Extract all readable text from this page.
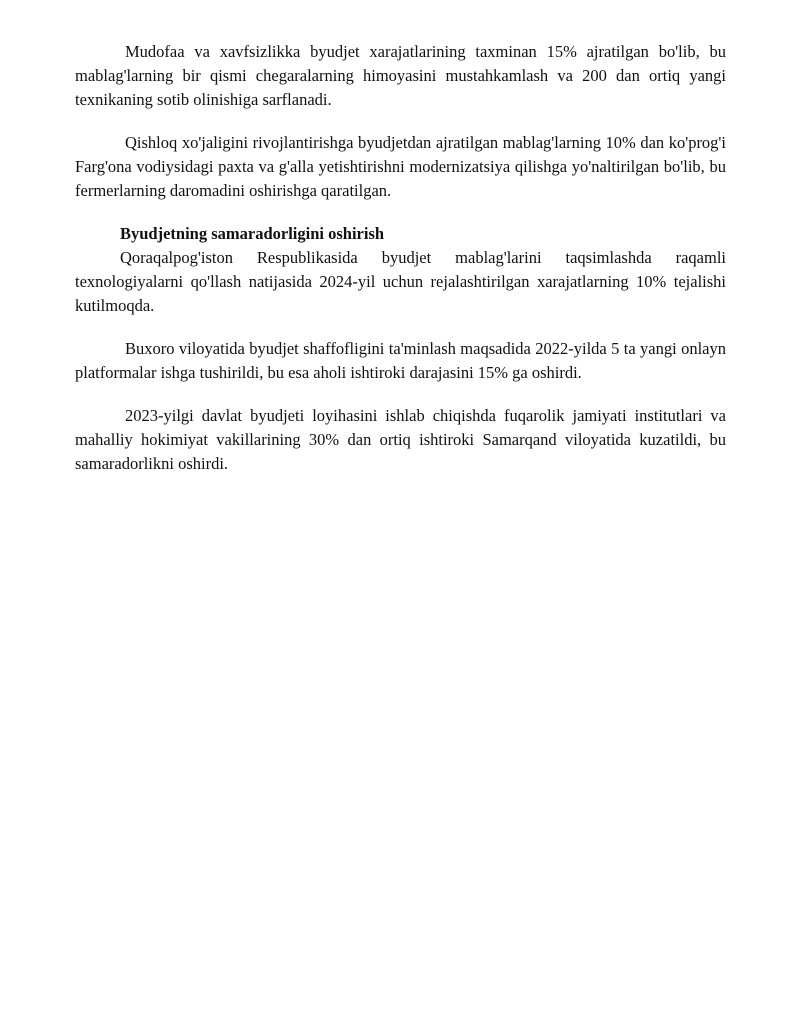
Mudofaa va xavfsizlikka byudjet xarajatlarining taxminan 15% ajratilgan bo'lib, bu mablag'larning bir qismi chegaralarning himoyasini mustahkamlash va 200 dan ortiq yangi texnikaning sotib olinishiga sarflanadi.

Qishloq xo'jaligini rivojlantirishga byudjetdan ajratilgan mablag'larning 10% dan ko'prog'i Farg'ona vodiysidagi paxta va g'alla yetishtirishni modernizatsiya qilishga yo'naltirilgan bo'lib, bu fermerlarning daromadini oshirishga qaratilgan.

Byudjetning samaradorligini oshirish

Qoraqalpog'iston Respublikasida byudjet mablag'larini taqsimlashda raqamli texnologiyalarni qo'llash natijasida 2024-yil uchun rejalashtirilgan xarajatlarning 10% tejalishi kutilmoqda.

Buxoro viloyatida byudjet shaffofligini ta'minlash maqsadida 2022-yilda 5 ta yangi onlayn platformalar ishga tushirildi, bu esa aholi ishtiroki darajasini 15% ga oshirdi.

2023-yilgi davlat byudjeti loyihasini ishlab chiqishda fuqarolik jamiyati institutlari va mahalliy hokimiyat vakillarining 30% dan ortiq ishtiroki Samarqand viloyatida kuzatildi, bu samaradorlikni oshirdi.
